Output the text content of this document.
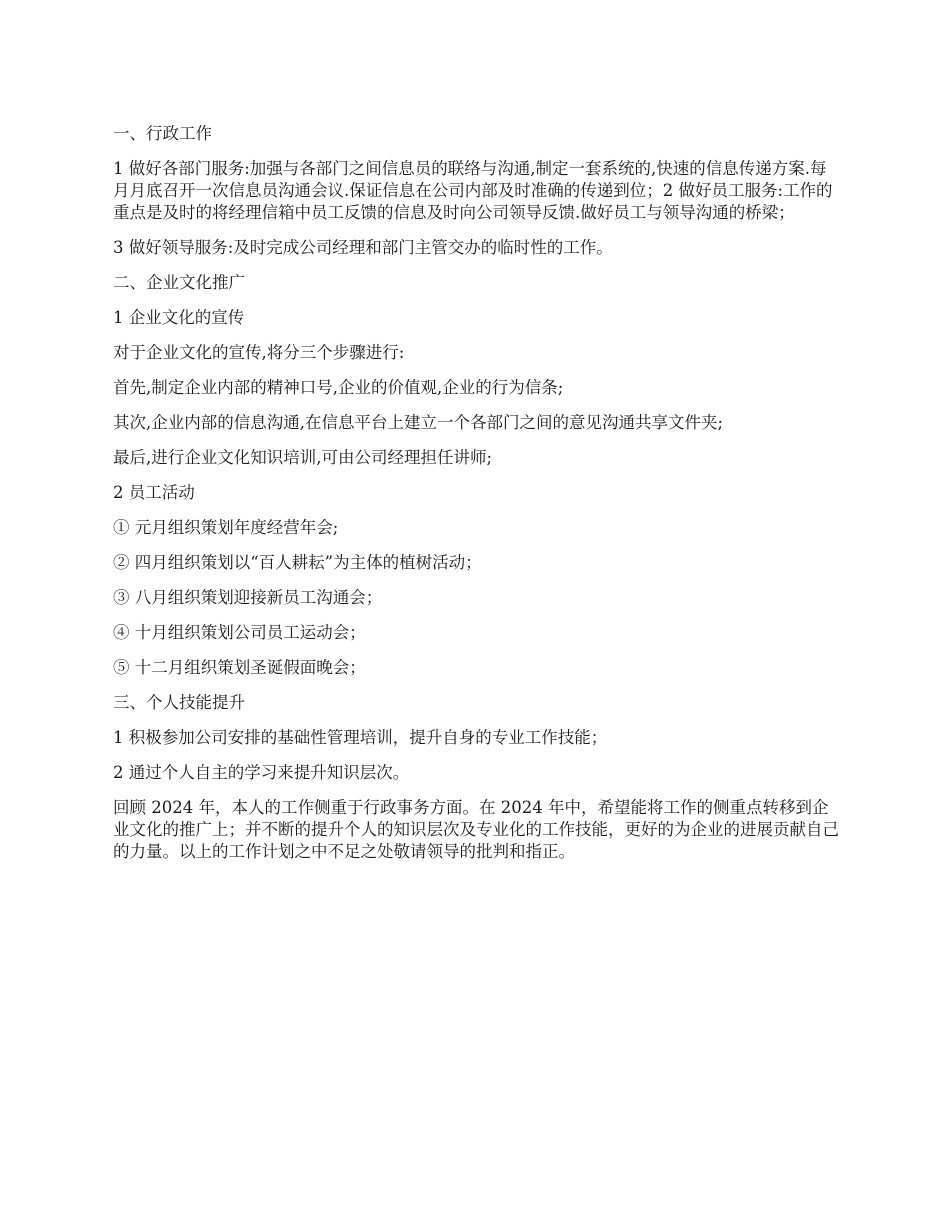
一、行政工作

1 做好各部门服务:加强与各部门之间信息员的联络与沟通,制定一套系统的,快速的信息传递方案.每月月底召开一次信息员沟通会议.保证信息在公司内部及时准确的传递到位；2 做好员工服务:工作的重点是及时的将经理信箱中员工反馈的信息及时向公司领导反馈.做好员工与领导沟通的桥梁；

3 做好领导服务:及时完成公司经理和部门主管交办的临时性的工作。

二、企业文化推广

1 企业文化的宣传

对于企业文化的宣传,将分三个步骤进行:

首先,制定企业内部的精神口号,企业的价值观,企业的行为信条;

其次,企业内部的信息沟通,在信息平台上建立一个各部门之间的意见沟通共享文件夹;

最后,进行企业文化知识培训,可由公司经理担任讲师;

2 员工活动

① 元月组织策划年度经营年会;

② 四月组织策划以“百人耕耘”为主体的植树活动；

③ 八月组织策划迎接新员工沟通会；

④ 十月组织策划公司员工运动会；

⑤ 十二月组织策划圣诞假面晚会；

三、个人技能提升

1 积极参加公司安排的基础性管理培训，提升自身的专业工作技能；

2 通过个人自主的学习来提升知识层次。

回顾 2024 年，本人的工作侧重于行政事务方面。在 2024 年中，希望能将工作的侧重点转移到企业文化的推广上；并不断的提升个人的知识层次及专业化的工作技能，更好的为企业的进展贡献自己的力量。以上的工作计划之中不足之处敬请领导的批判和指正。
